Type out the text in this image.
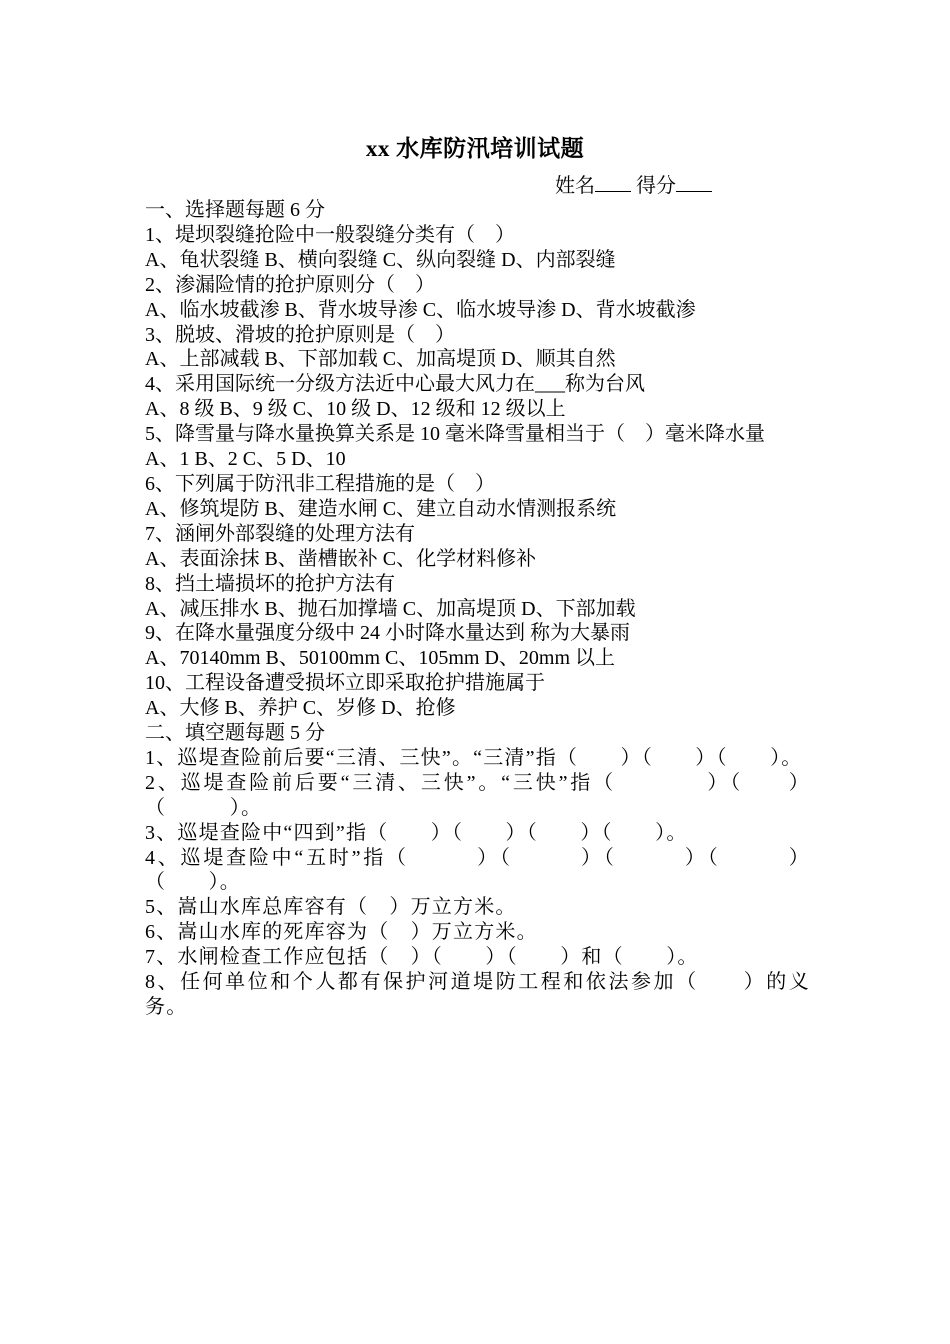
xx 水库防汛培训试题
姓名 得分
一、选择题每题 6 分
1、堤坝裂缝抢险中一般裂缝分类有（　）
A、龟状裂缝 B、横向裂缝 C、纵向裂缝 D、内部裂缝
2、渗漏险情的抢护原则分（　）
A、临水坡截渗 B、背水坡导渗 C、临水坡导渗 D、背水坡截渗
3、脱坡、滑坡的抢护原则是（　）
A、上部减载 B、下部加载 C、加高堤顶 D、顺其自然
4、采用国际统一分级方法近中心最大风力在___称为台风
A、8 级 B、9 级 C、10 级 D、12 级和 12 级以上
5、降雪量与降水量换算关系是 10 毫米降雪量相当于（　）毫米降水量
A、1 B、2 C、5 D、10
6、下列属于防汛非工程措施的是（　）
A、修筑堤防 B、建造水闸 C、建立自动水情测报系统
7、涵闸外部裂缝的处理方法有
A、表面涂抹 B、凿槽嵌补 C、化学材料修补
8、挡土墙损坏的抢护方法有
A、减压排水 B、抛石加撑墙 C、加高堤顶 D、下部加载
9、在降水量强度分级中 24 小时降水量达到 称为大暴雨
A、70140mm B、50100mm C、105mm D、20mm 以上
10、工程设备遭受损坏立即采取抢护措施属于
A、大修 B、养护 C、岁修 D、抢修
二、填空题每题 5 分
1、巡堤查险前后要“三清、三快”。“三清”指（　　）（　　）（　　）。
2、巡堤查险前后要“三清、三快”。“三快”指（　　　　）（　　）（　　　）。
3、巡堤查险中“四到”指（　　）（　　）（　　）（　　）。
4、巡堤查险中“五时”指（　　　）（　　　）（　　　）（　　　）（　　）。
5、嵩山水库总库容有（　）万立方米。
6、嵩山水库的死库容为（　）万立方米。
7、水闸检查工作应包括（　）（　　）（　　）和（　　）。
8、任何单位和个人都有保护河道堤防工程和依法参加（　　）的义务。
